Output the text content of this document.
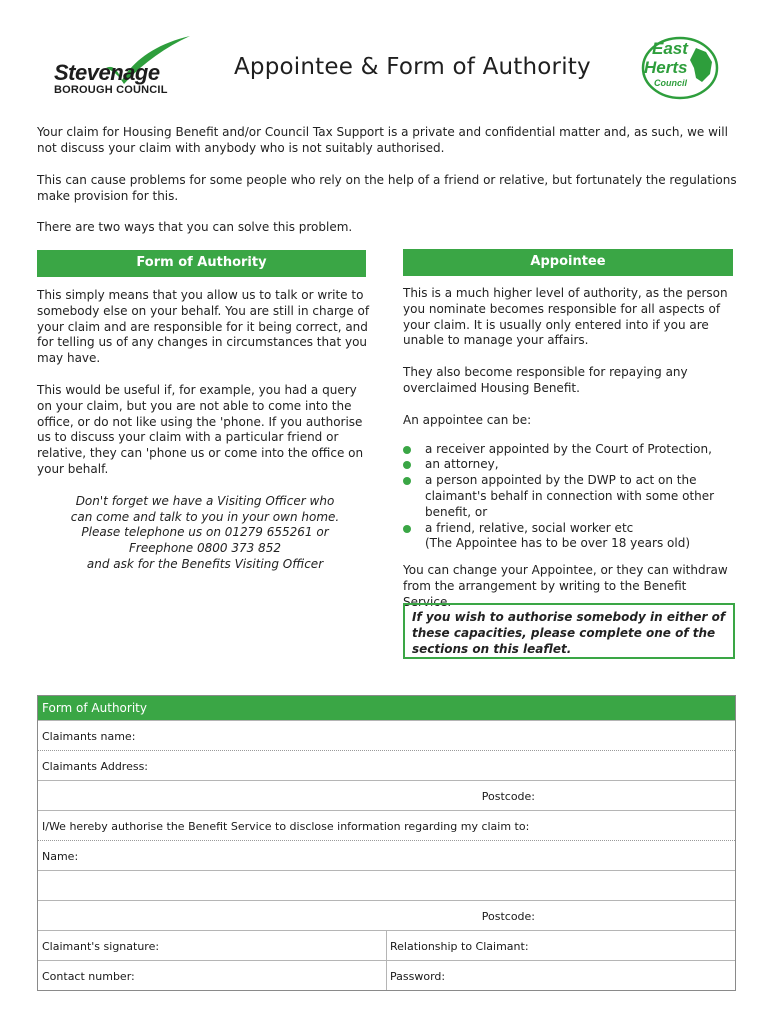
Stevenage
BOROUGH COUNCIL
Appointee & Form of Authority
East
Herts
Council

Your claim for Housing Benefit and/or Council Tax Support is a private and confidential matter and, as such, we will not discuss your claim with anybody who is not suitably authorised.

This can cause problems for some people who rely on the help of a friend or relative, but fortunately the regulations make provision for this.

There are two ways that you can solve this problem.

Form of Authority	Appointee

This simply means that you allow us to talk or write to somebody else on your behalf. You are still in charge of your claim and are responsible for it being correct, and for telling us of any changes in circumstances that you may have.

This would be useful if, for example, you had a query on your claim, but you are not able to come into the office, or do not like using the 'phone. If you authorise us to discuss your claim with a particular friend or relative, they can 'phone us or come into the office on your behalf.

Don't forget we have a Visiting Officer who
can come and talk to you in your own home.
Please telephone us on 01279 655261 or
Freephone 0800 373 852
and ask for the Benefits Visiting Officer

This is a much higher level of authority, as the person you nominate becomes responsible for all aspects of your claim. It is usually only entered into if you are unable to manage your affairs.

They also become responsible for repaying any overclaimed Housing Benefit.

An appointee can be:

a receiver appointed by the Court of Protection,
an attorney,
a person appointed by the DWP to act on the claimant's behalf in connection with some other benefit, or
a friend, relative, social worker etc

(The Appointee has to be over 18 years old)

You can change your Appointee, or they can withdraw from the arrangement by writing to the Benefit Service.

If you wish to authorise somebody in either of these capacities, please complete one of the sections on this leaflet.
Form of Authority
Claimants name:
Claimants Address:
Postcode:
I/We hereby authorise the Benefit Service to disclose information regarding my claim to:
Name:
Postcode:
Claimant's signature:	Relationship to Claimant:
Contact number:	Password:
